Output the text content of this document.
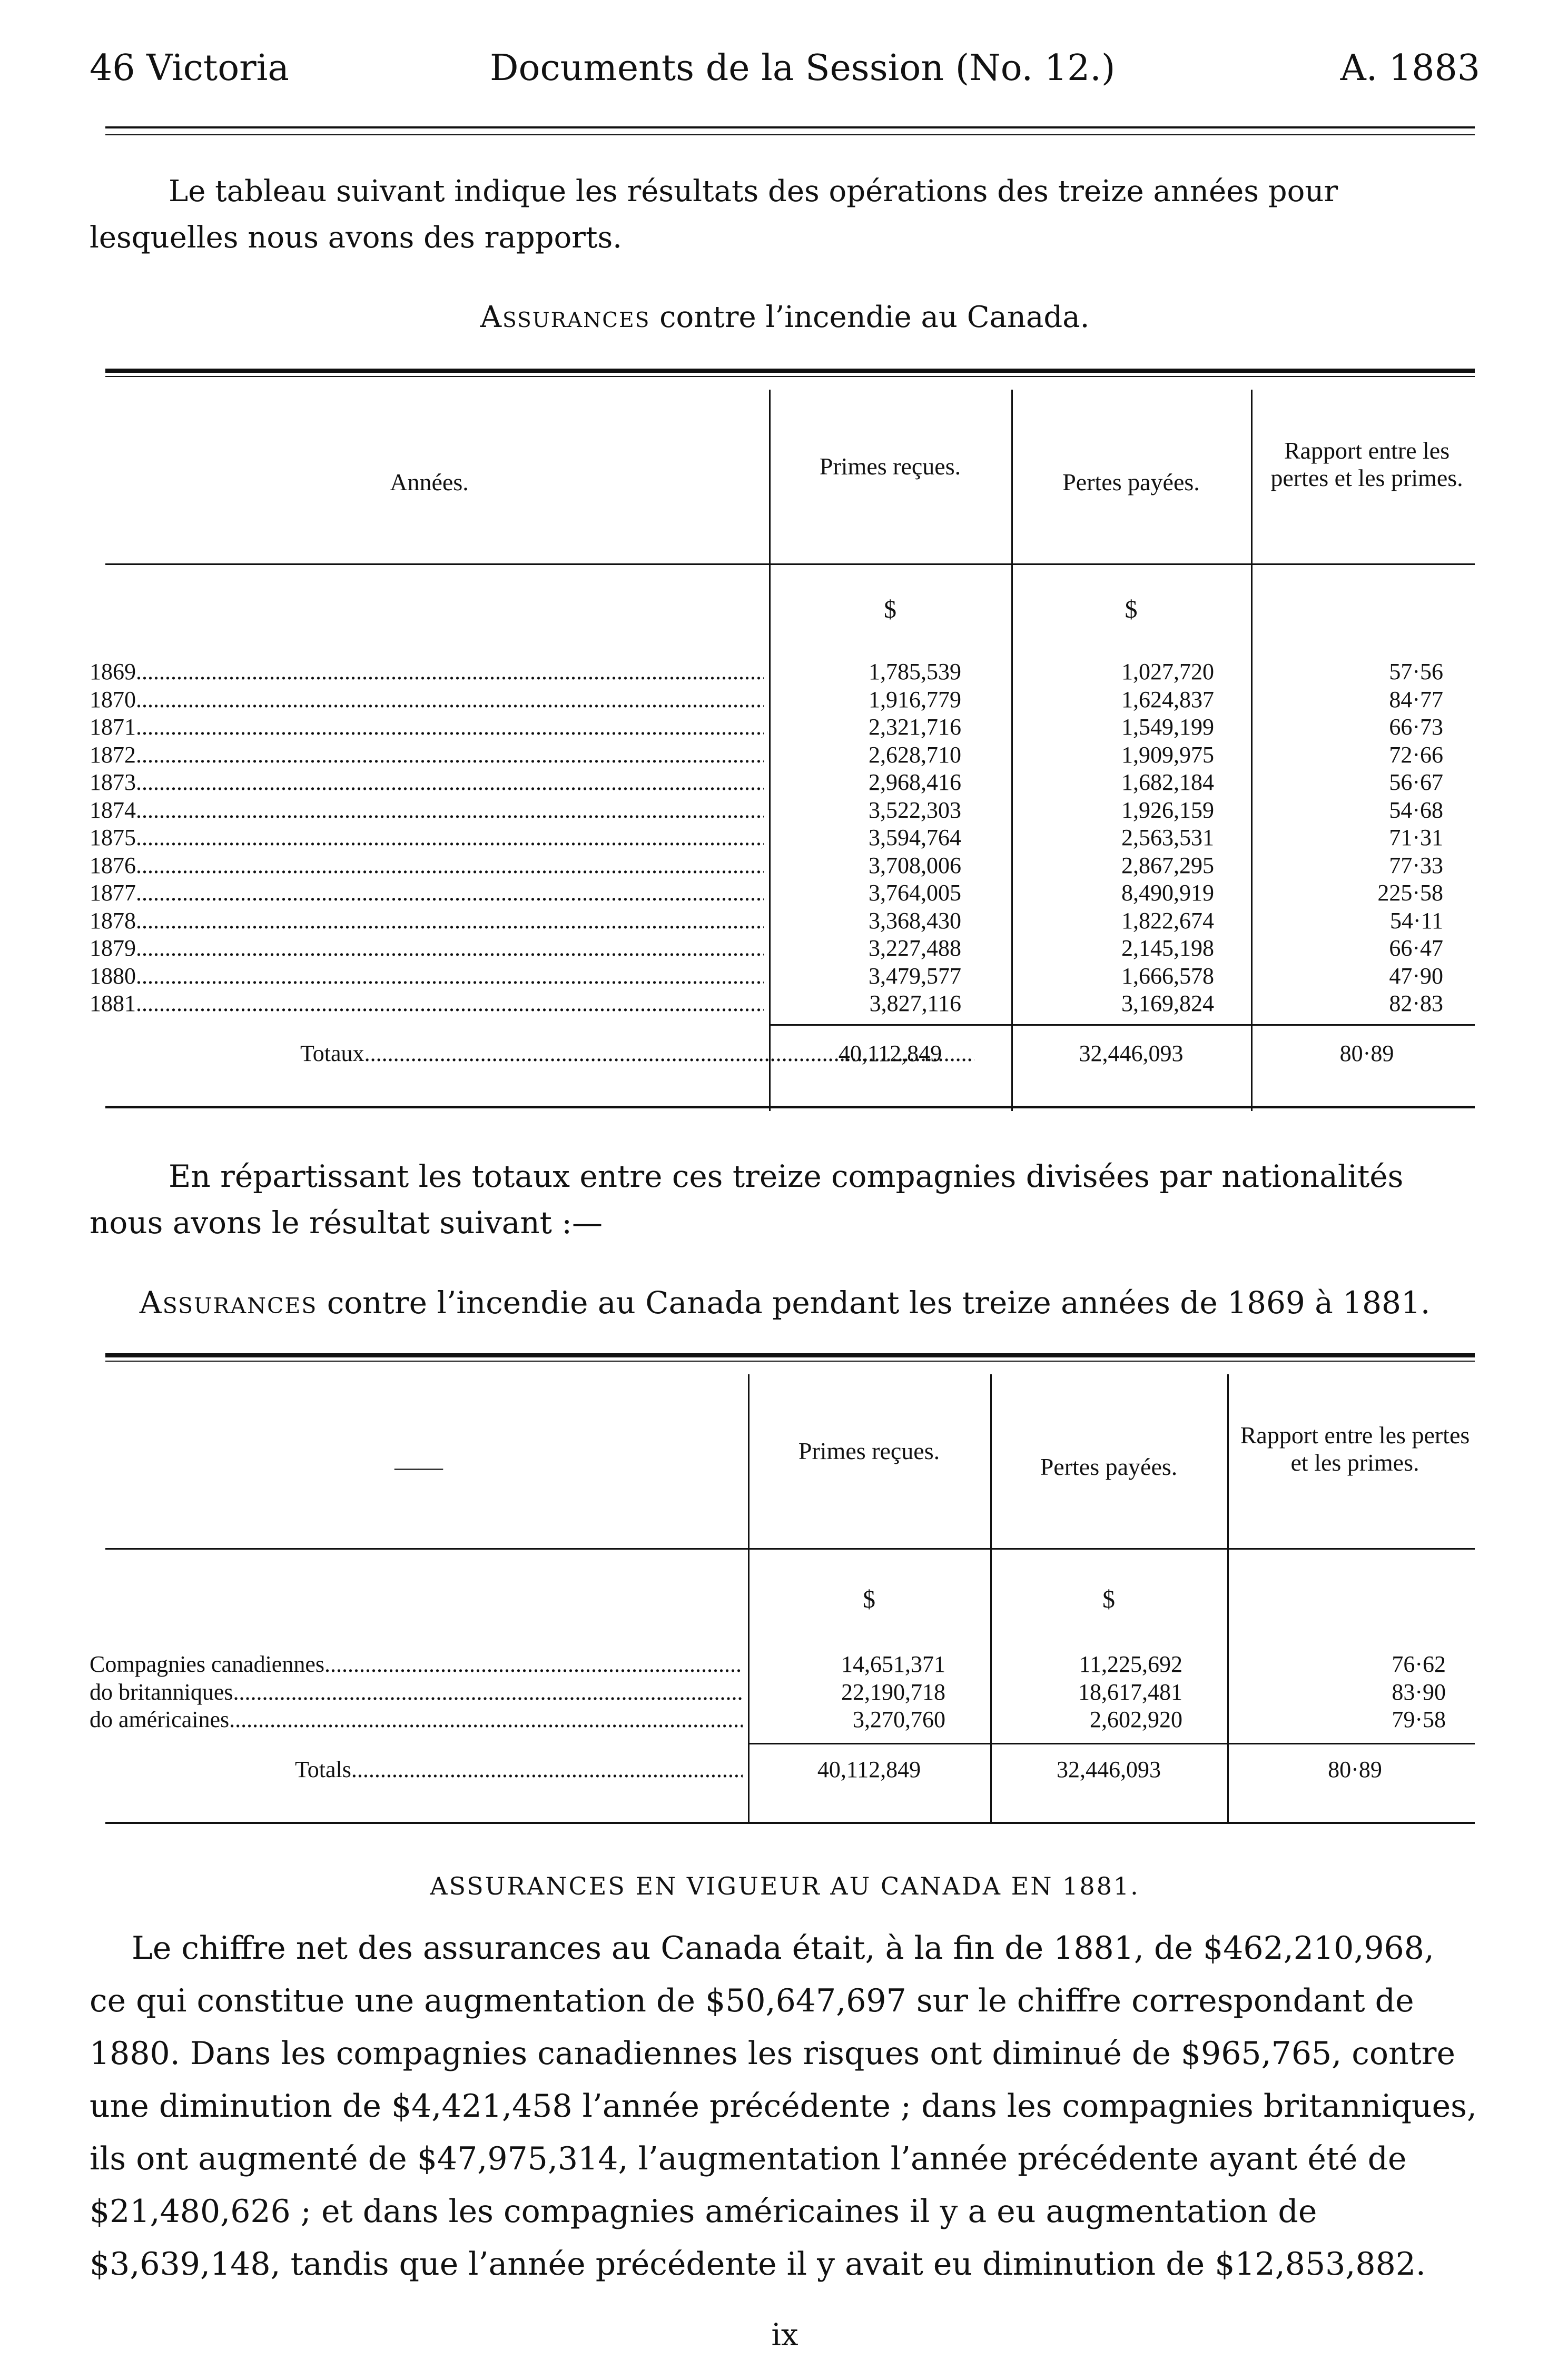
46 Victoria	Documents de la Session (No. 12.)	A. 1883
Le tableau suivant indique les résultats des opérations des treize années pour lesquelles nous avons des rapports.
Assurances contre l’incendie au Canada.
Années.
Primes reçues.
Pertes payées.
Rapport entre les pertes et les primes.
$	$
1869 .....	1,785,539	1,027,720	57·56
1870 .....	1,916,779	1,624,837	84·77
1871 .....	2,321,716	1,549,199	66·73
1872 .....	2,628,710	1,909,975	72·66
1873 .....	2,968,416	1,682,184	56·67
1874 .....	3,522,303	1,926,159	54·68
1875 .....	3,594,764	2,563,531	71·31
1876 .....	3,708,006	2,867,295	77·33
1877 .....	3,764,005	8,490,919	225·58
1878 .....	3,368,430	1,822,674	54·11
1879 .....	3,227,488	2,145,198	66·47
1880 .....	3,479,577	1,666,578	47·90
1881 .....	3,827,116	3,169,824	82·83
Totaux .....	40,112,849	32,446,093	80·89
En répartissant les totaux entre ces treize compagnies divisées par nationalités nous avons le résultat suivant :—
Assurances contre l’incendie au Canada pendant les treize années de 1869 à 1881.
——
Primes reçues.
Pertes payées.
Rapport entre les pertes et les primes.
$	$
Compagnies canadiennes .....	14,651,371	11,225,692	76·62
do britanniques .....	22,190,718	18,617,481	83·90
do américaines .....	3,270,760	2,602,920	79·58
Totals .....	40,112,849	32,446,093	80·89
ASSURANCES EN VIGUEUR AU CANADA EN 1881.
Le chiffre net des assurances au Canada était, à la fin de 1881, de $462,210,968, ce qui constitue une augmentation de $50,647,697 sur le chiffre correspondant de 1880. Dans les compagnies canadiennes les risques ont diminué de $965,765, contre une diminution de $4,421,458 l’année précédente ; dans les compagnies britanniques, ils ont augmenté de $47,975,314, l’augmentation l’année précédente ayant été de $21,480,626 ; et dans les compagnies américaines il y a eu augmentation de $3,639,148, tandis que l’année précédente il y avait eu diminution de $12,853,882.
ix
